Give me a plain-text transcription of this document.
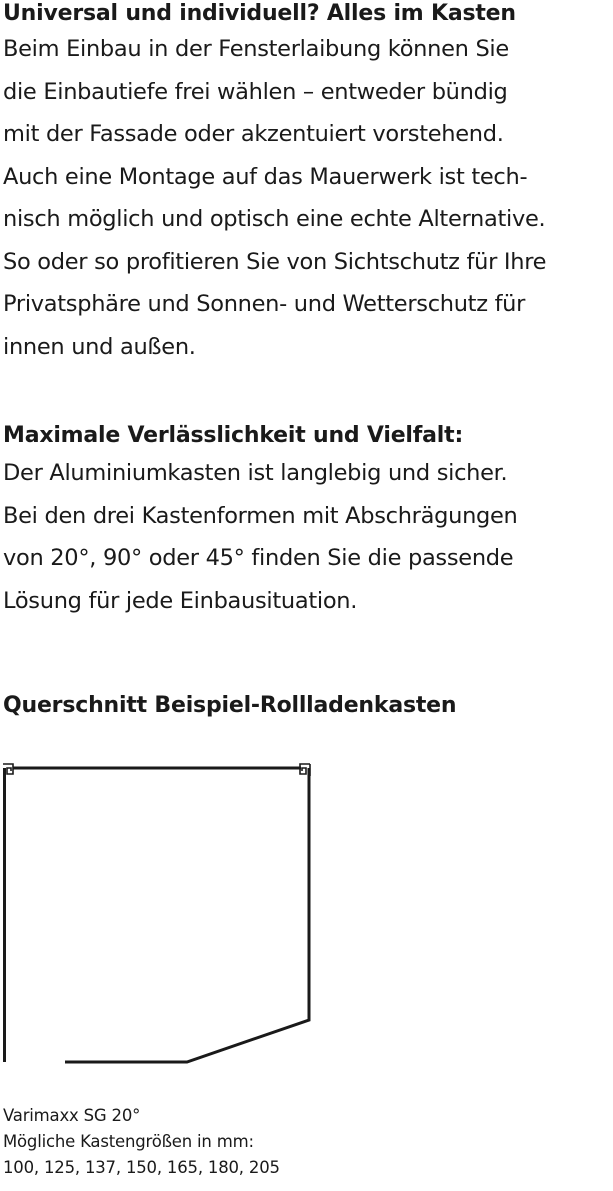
Universal und individuell? Alles im Kasten

Beim Einbau in der Fensterlaibung können Sie
die Einbautiefe frei wählen – entweder bündig
mit der Fassade oder akzentuiert vorstehend.
Auch eine Montage auf das Mauerwerk ist tech-
nisch möglich und optisch eine echte Alternative.
So oder so profitieren Sie von Sichtschutz für Ihre
Privatsphäre und Sonnen- und Wetterschutz für
innen und außen.

Maximale Verlässlichkeit und Vielfalt:

Der Aluminiumkasten ist langlebig und sicher.
Bei den drei Kastenformen mit Abschrägungen
von 20°, 90° oder 45° finden Sie die passende
Lösung für jede Einbausituation.

Querschnitt Beispiel-Rollladenkasten
Varimaxx SG 20°
Mögliche Kastengrößen in mm:
100, 125, 137, 150, 165, 180, 205
